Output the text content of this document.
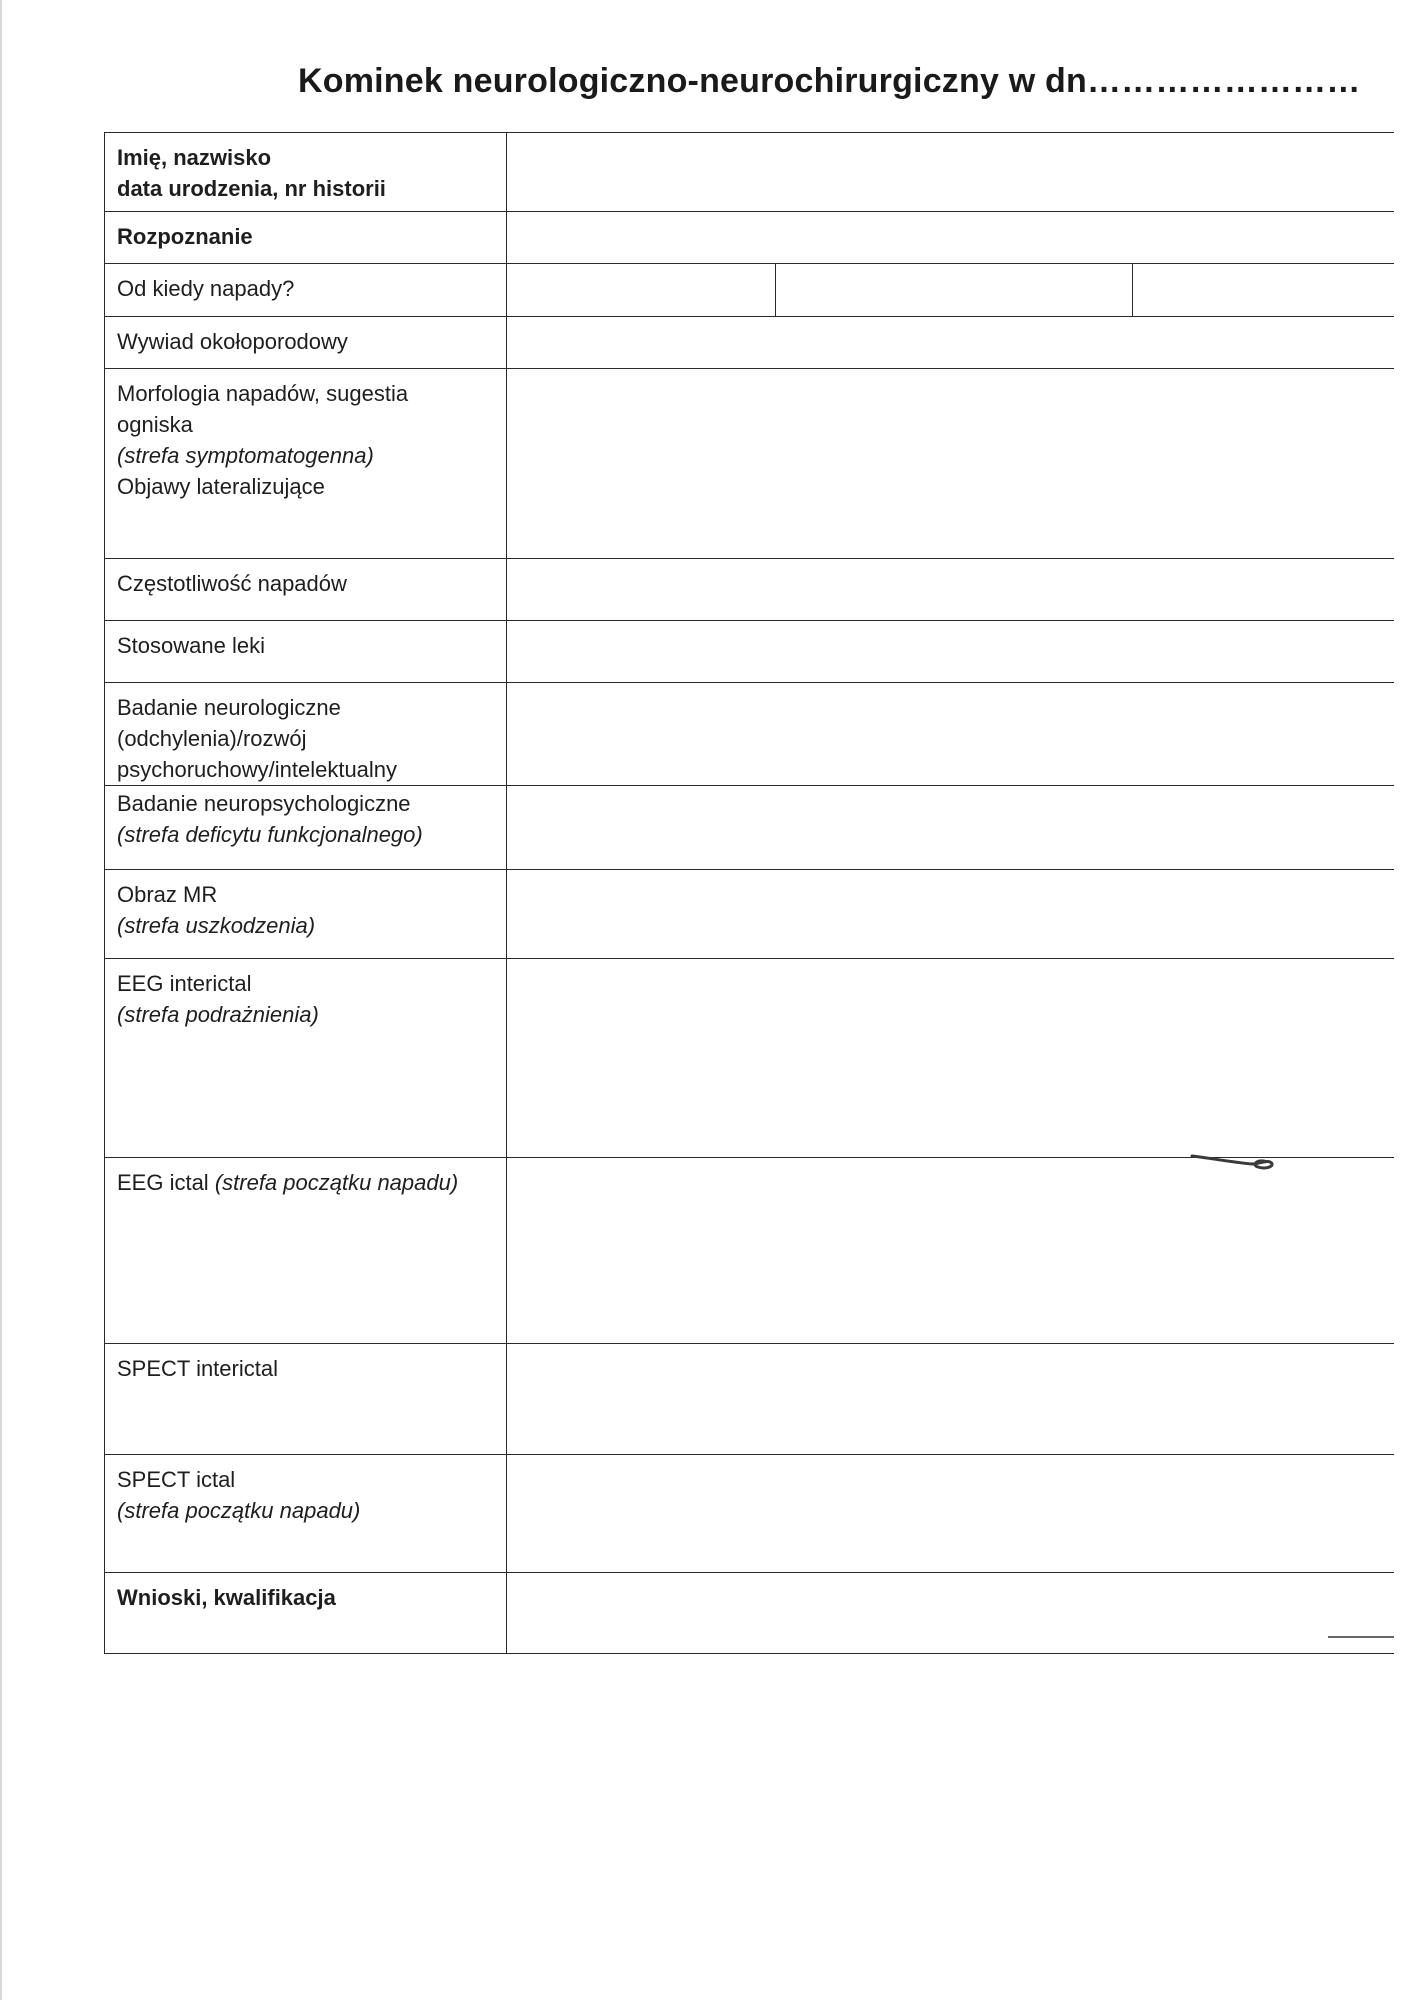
Kominek neurologiczno-neurochirurgiczny w dn……………………
Imię, nazwisko
data urodzenia, nr historii	

Rozpoznanie	

Od kiedy napady?	

Wywiad okołoporodowy	

Morfologia napadów, sugestia
ogniska
(strefa symptomatogenna)
Objawy lateralizujące	

Częstotliwość napadów	

Stosowane leki	

Badanie neurologiczne
(odchylenia)/rozwój
psychoruchowy/intelektualny	

Badanie neuropsychologiczne
(strefa deficytu funkcjonalnego)	

Obraz MR
(strefa uszkodzenia)	

EEG interictal
(strefa podrażnienia)	

EEG ictal (strefa początku napadu)	

SPECT interictal	

SPECT ictal
(strefa początku napadu)	

Wnioski, kwalifikacja	
